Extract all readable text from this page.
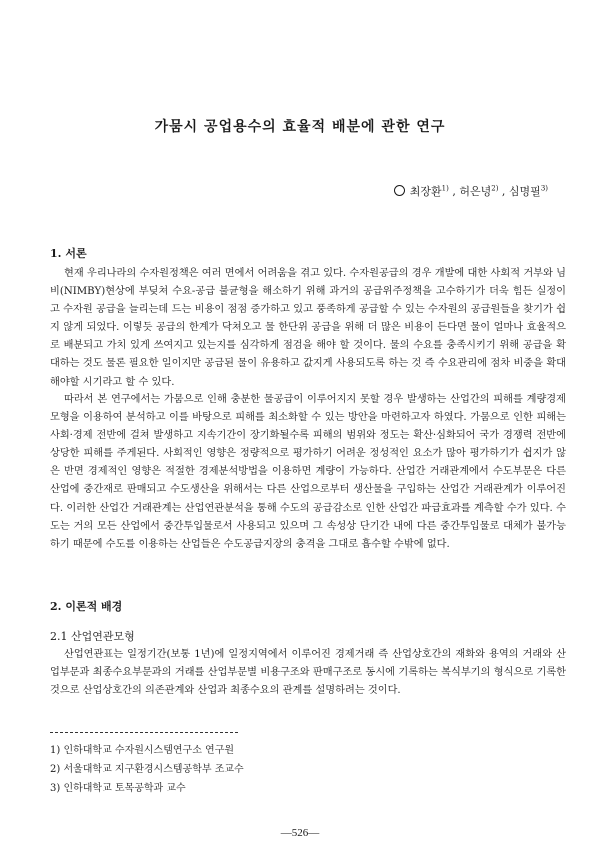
가뭄시 공업용수의 효율적 배분에 관한 연구
최장환$^{1)}$ , 허은녕$^{2)}$ , 심명필$^{3)}$
1. 서론

현재 우리나라의 수자원정책은 여러 면에서 어려움을 겪고 있다. 수자원공급의 경우 개발에 대한 사회적 거부와 님비(NIMBY)현상에 부딪쳐 수요-공급 불균형을 해소하기 위해 과거의 공급위주정책을 고수하기가 더욱 힘든 실정이고 수자원 공급을 늘리는데 드는 비용이 점점 증가하고 있고 풍족하게 공급할 수 있는 수자원의 공급원들을 찾기가 쉽지 않게 되었다. 이렇듯 공급의 한계가 닥쳐오고 물 한단위 공급을 위해 더 많은 비용이 든다면 물이 얼마나 효율적으로 배분되고 가치 있게 쓰여지고 있는지를 심각하게 점검을 해야 할 것이다. 물의 수요를 충족시키기 위해 공급을 확대하는 것도 물론 필요한 일이지만 공급된 물이 유용하고 값지게 사용되도록 하는 것 즉 수요관리에 점차 비중을 확대해야할 시기라고 할 수 있다.

따라서 본 연구에서는 가뭄으로 인해 충분한 물공급이 이루어지지 못할 경우 발생하는 산업간의 피해를 계량경제 모형을 이용하여 분석하고 이를 바탕으로 피해를 최소화할 수 있는 방안을 마련하고자 하였다. 가뭄으로 인한 피해는 사회·경제 전반에 걸쳐 발생하고 지속기간이 장기화될수록 피해의 범위와 정도는 확산·심화되어 국가 경쟁력 전반에 상당한 피해를 주게된다. 사회적인 영향은 정량적으로 평가하기 어려운 정성적인 요소가 많아 평가하기가 쉽지가 않은 반면 경제적인 영향은 적절한 경제분석방법을 이용하면 계량이 가능하다. 산업간 거래관계에서 수도부문은 다른 산업에 중간재로 판매되고 수도생산을 위해서는 다른 산업으로부터 생산물을 구입하는 산업간 거래관계가 이루어진다. 이러한 산업간 거래관계는 산업연관분석을 통해 수도의 공급감소로 인한 산업간 파급효과를 계측할 수가 있다. 수도는 거의 모든 산업에서 중간투입물로서 사용되고 있으며 그 속성상 단기간 내에 다른 중간투입물로 대체가 불가능하기 때문에 수도를 이용하는 산업들은 수도공급지장의 충격을 그대로 흡수할 수밖에 없다.

2. 이론적 배경
2.1 산업연관모형

산업연관표는 일정기간(보통 1년)에 일정지역에서 이루어진 경제거래 즉 산업상호간의 재화와 용역의 거래와 산업부문과 최종수요부문과의 거래를 산업부문별 비용구조와 판매구조로 동시에 기록하는 복식부기의 형식으로 기록한 것으로 산업상호간의 의존관계와 산업과 최종수요의 관계를 설명하려는 것이다.

1) 인하대학교 수자원시스템연구소 연구원
2) 서울대학교 지구환경시스템공학부 조교수
3) 인하대학교 토목공학과 교수
—526—
